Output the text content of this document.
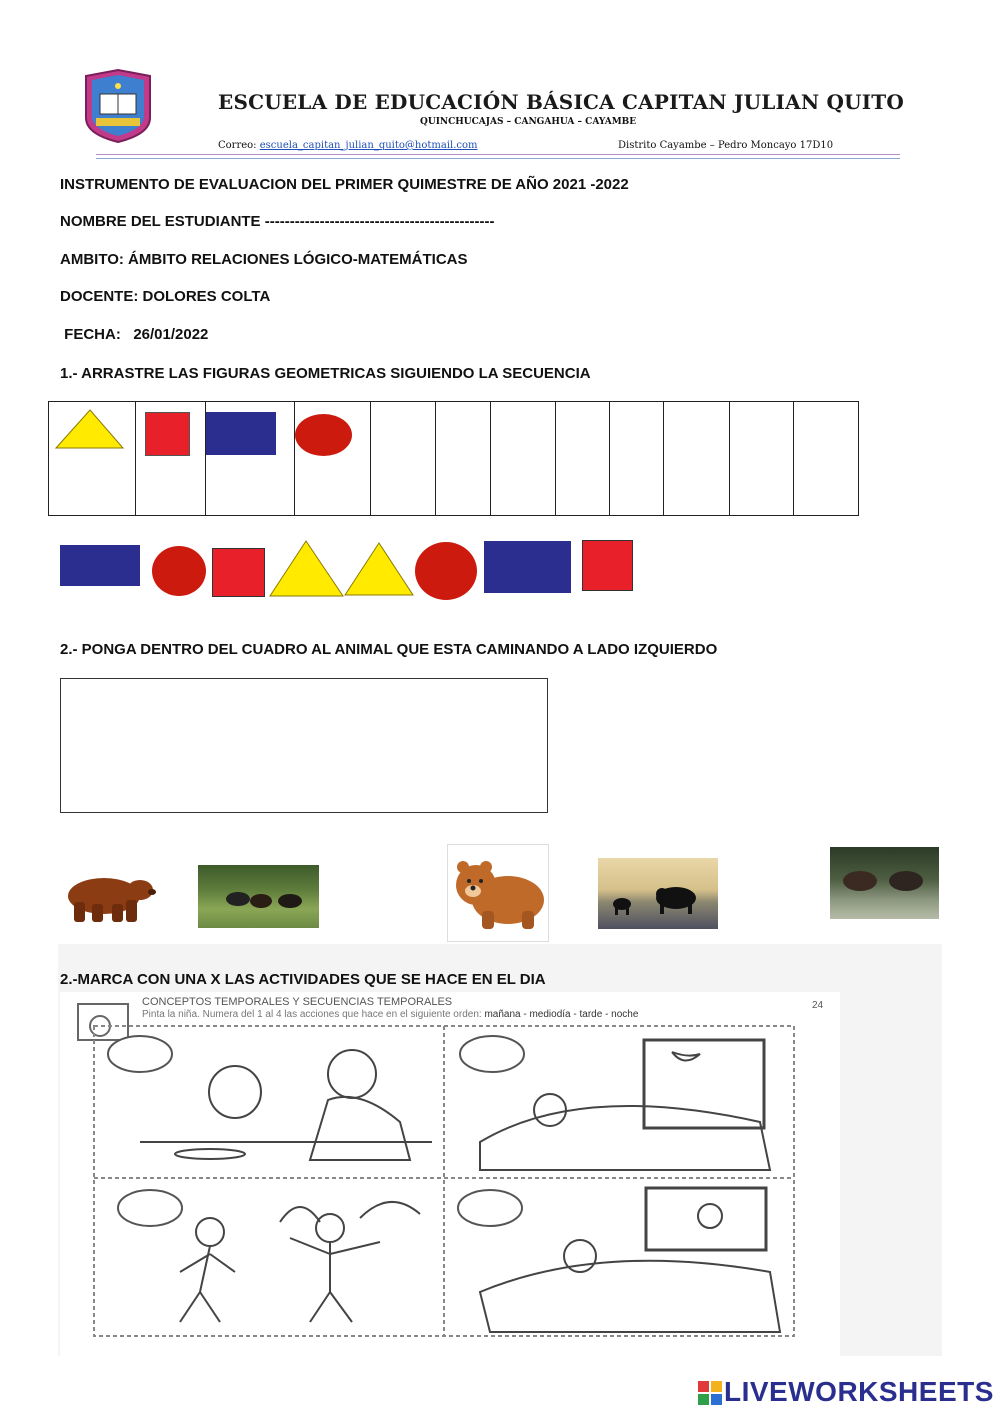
ESCUELA DE EDUCACIÓN BÁSICA CAPITAN JULIAN QUITO
QUINCHUCAJAS – CANGAHUA – CAYAMBE
Correo: escuela_capitan_julian_quito@hotmail.com	Distrito Cayambe – Pedro Moncayo 17D10
INSTRUMENTO DE EVALUACION DEL PRIMER QUIMESTRE DE AÑO 2021 -2022
NOMBRE DEL ESTUDIANTE ----------------------------------------------
AMBITO: ÁMBITO RELACIONES LÓGICO-MATEMÁTICAS
DOCENTE: DOLORES COLTA
FECHA:   26/01/2022
1.- ARRASTRE LAS FIGURAS GEOMETRICAS SIGUIENDO LA SECUENCIA
2.- PONGA DENTRO DEL CUADRO AL ANIMAL QUE ESTA CAMINANDO A LADO IZQUIERDO
2.-MARCA CON UNA X LAS ACTIVIDADES QUE SE HACE EN EL DIA
CONCEPTOS TEMPORALES Y SECUENCIAS TEMPORALES
Pinta la niña. Numera del 1 al 4 las acciones que hace en el siguiente orden: mañana - mediodía - tarde - noche
24
LIVEWORKSHEETS
